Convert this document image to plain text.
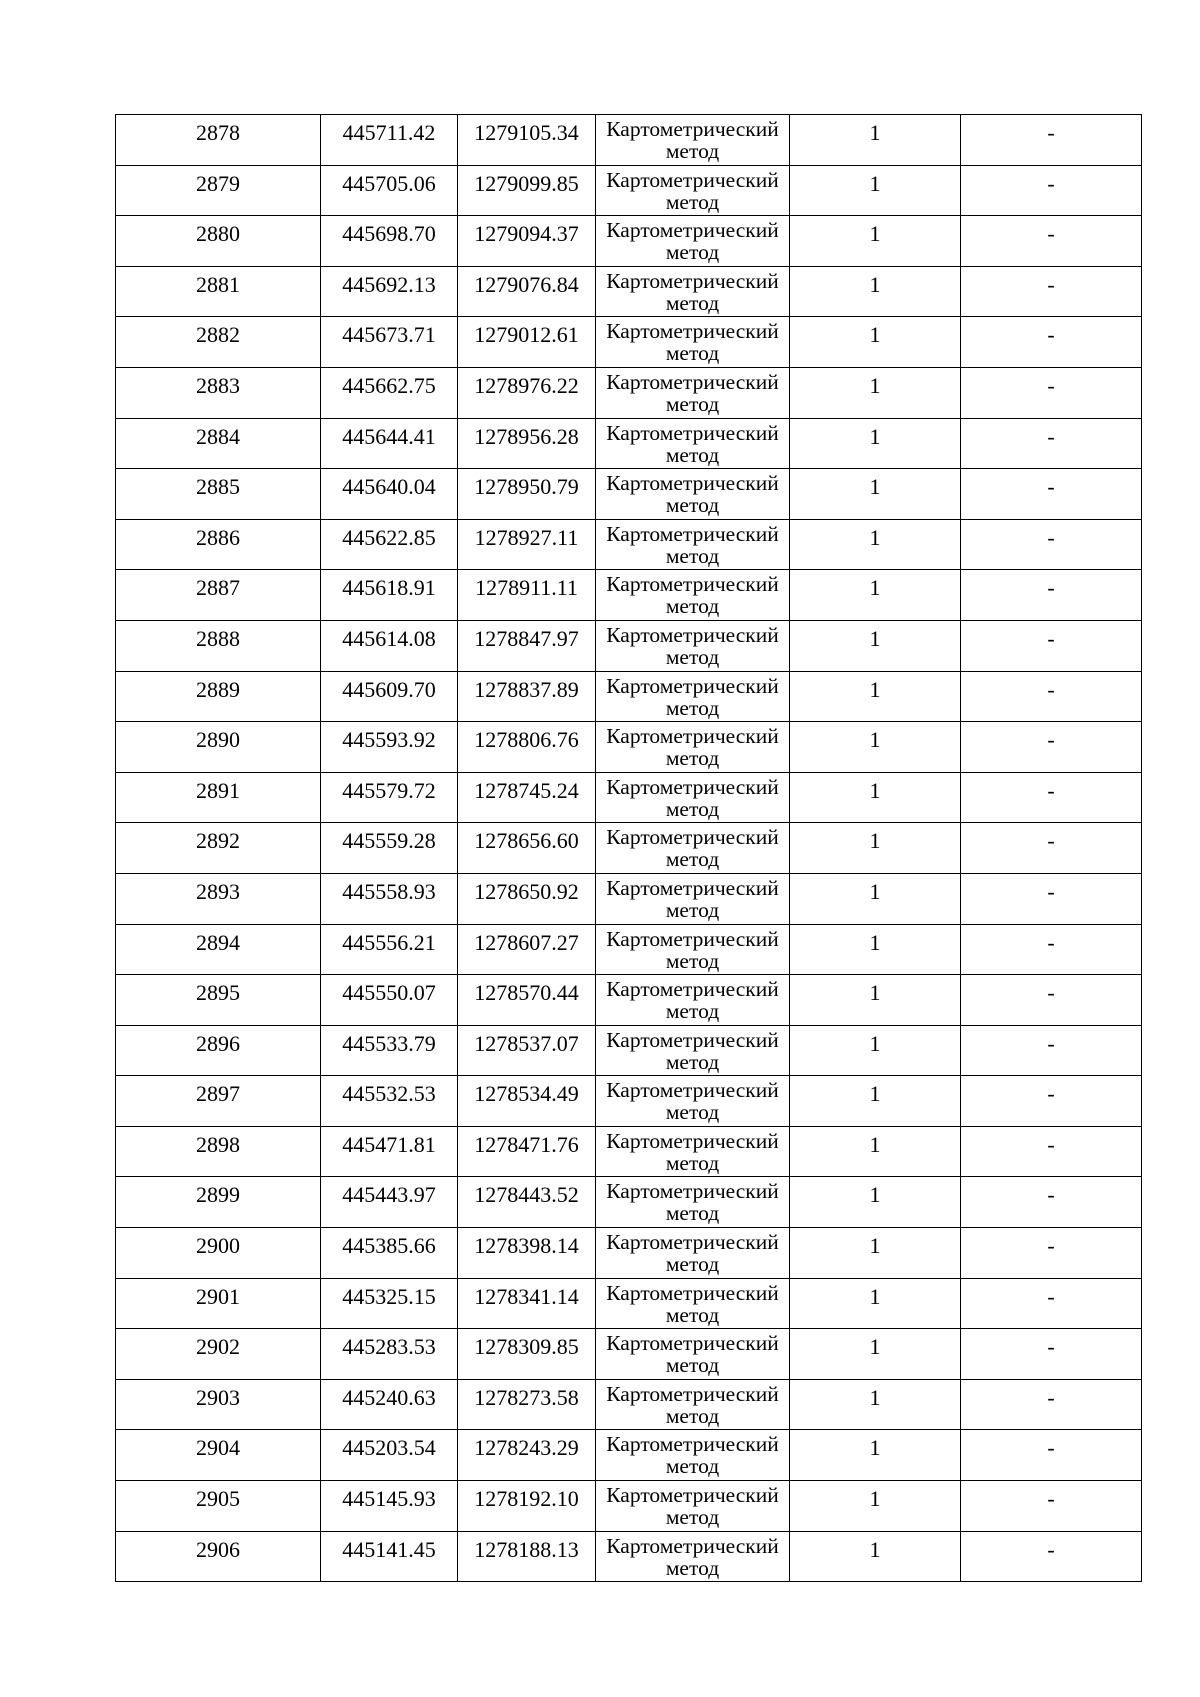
2878	445711.42	1279105.34	Картометрический метод	1	-

2879	445705.06	1279099.85	Картометрический метод	1	-

2880	445698.70	1279094.37	Картометрический метод	1	-

2881	445692.13	1279076.84	Картометрический метод	1	-

2882	445673.71	1279012.61	Картометрический метод	1	-

2883	445662.75	1278976.22	Картометрический метод	1	-

2884	445644.41	1278956.28	Картометрический метод	1	-

2885	445640.04	1278950.79	Картометрический метод	1	-

2886	445622.85	1278927.11	Картометрический метод	1	-

2887	445618.91	1278911.11	Картометрический метод	1	-

2888	445614.08	1278847.97	Картометрический метод	1	-

2889	445609.70	1278837.89	Картометрический метод	1	-

2890	445593.92	1278806.76	Картометрический метод	1	-

2891	445579.72	1278745.24	Картометрический метод	1	-

2892	445559.28	1278656.60	Картометрический метод	1	-

2893	445558.93	1278650.92	Картометрический метод	1	-

2894	445556.21	1278607.27	Картометрический метод	1	-

2895	445550.07	1278570.44	Картометрический метод	1	-

2896	445533.79	1278537.07	Картометрический метод	1	-

2897	445532.53	1278534.49	Картометрический метод	1	-

2898	445471.81	1278471.76	Картометрический метод	1	-

2899	445443.97	1278443.52	Картометрический метод	1	-

2900	445385.66	1278398.14	Картометрический метод	1	-

2901	445325.15	1278341.14	Картометрический метод	1	-

2902	445283.53	1278309.85	Картометрический метод	1	-

2903	445240.63	1278273.58	Картометрический метод	1	-

2904	445203.54	1278243.29	Картометрический метод	1	-

2905	445145.93	1278192.10	Картометрический метод	1	-

2906	445141.45	1278188.13	Картометрический метод	1	-
